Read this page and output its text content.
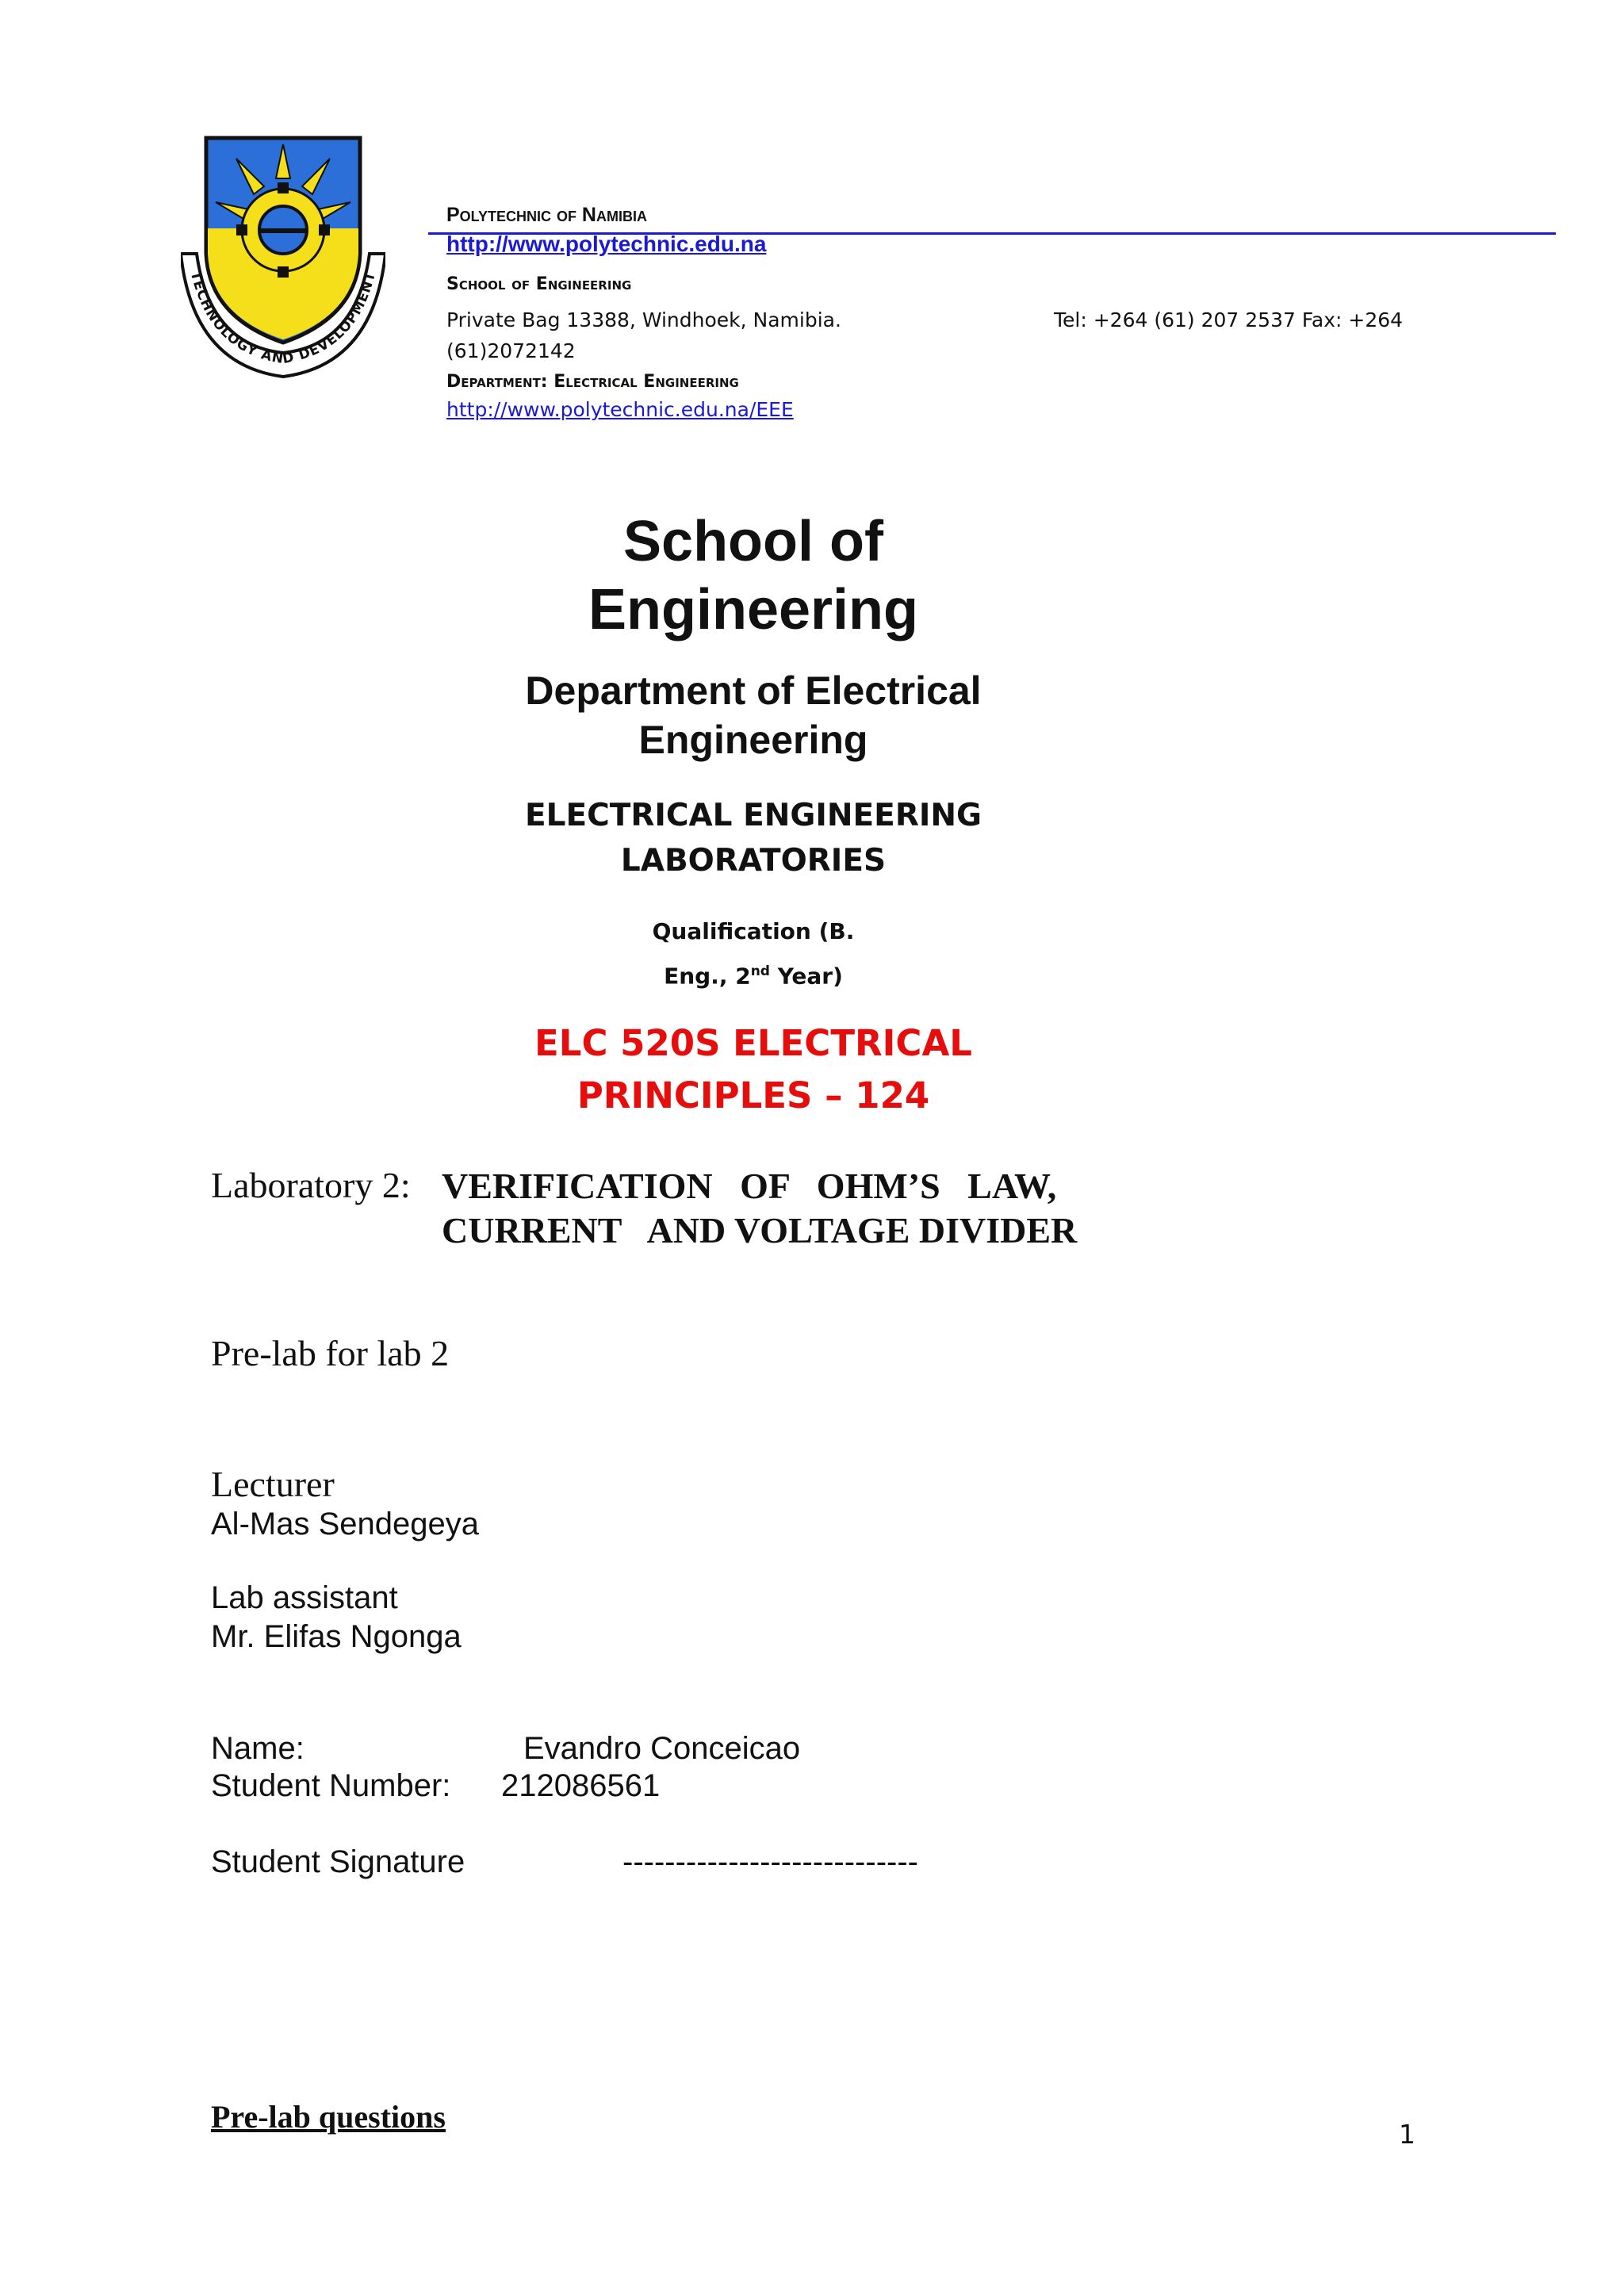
TECHNOLOGY AND DEVELOPMENT
Polytechnic of Namibia
http://www.polytechnic.edu.na
School of Engineering
Private Bag 13388, Windhoek, Namibia.	Tel: +264 (61) 207 2537 Fax: +264
(61)2072142
Department: Electrical Engineering
http://www.polytechnic.edu.na/EEE
School of
Engineering
Department of Electrical
Engineering
ELECTRICAL ENGINEERING
LABORATORIES
Qualification (B.
Eng., 2nd Year)
ELC 520S ELECTRICAL
PRINCIPLES – 124
Laboratory 2: VERIFICATION   OF   OHM’S   LAW,
CURRENT   AND VOLTAGE DIVIDER
Pre-lab for lab 2
Lecturer
Al-Mas Sendegeya
Lab assistant
Mr. Elifas Ngonga
Name:	Evandro Conceicao
Student Number: 212086561
Student Signature	----------------------------
Pre-lab questions	1
